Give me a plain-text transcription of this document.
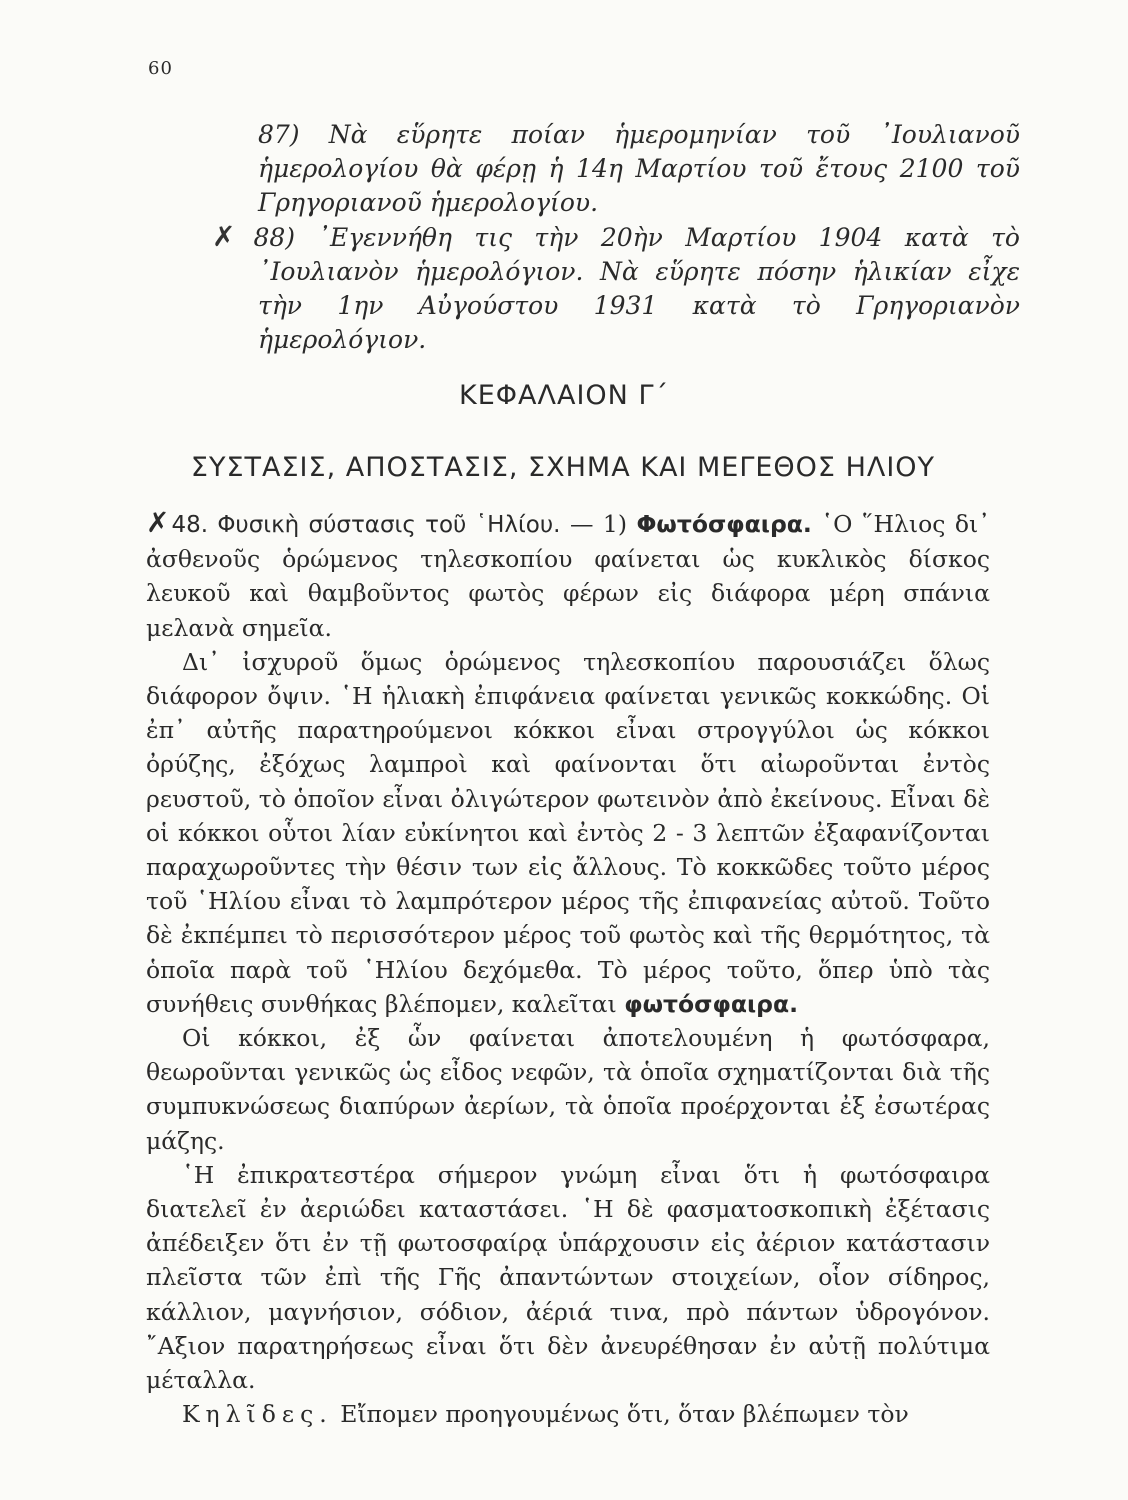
60

87) Νὰ εὕρητε ποίαν ἡμερομηνίαν τοῦ ᾿Ιουλιανοῦ ἡμερολογίου θὰ φέρῃ ἡ 14η Μαρτίου τοῦ ἔτους 2100 τοῦ Γρηγοριανοῦ ἡμερολογίου.

✗ 88) ᾿Εγεννήθη τις τὴν 20ὴν Μαρτίου 1904 κατὰ τὸ ᾿Ιουλιανὸν ἡμερολόγιον. Νὰ εὕρητε πόσην ἡλικίαν εἶχε τὴν 1ην Αὐγούστου 1931 κατὰ τὸ Γρηγοριανὸν ἡμερολόγιον.

ΚΕΦΑΛΑΙΟΝ Γ΄
ΣΥΣΤΑΣΙΣ, ΑΠΟΣΤΑΣΙΣ, ΣΧΗΜΑ ΚΑΙ ΜΕΓΕΘΟΣ ΗΛΙΟΥ

✗48. Φυσικὴ σύστασις τοῦ ῾Ηλίου. — 1) Φωτόσφαιρα. ῾Ο ῞Ηλιος δι᾿ ἀσθενοῦς ὁρώμενος τηλεσκοπίου φαίνεται ὡς κυκλικὸς δίσκος λευκοῦ καὶ θαμβοῦντος φωτὸς φέρων εἰς διάφορα μέρη σπάνια μελανὰ σημεῖα.

Δι᾿ ἰσχυροῦ ὅμως ὁρώμενος τηλεσκοπίου παρουσιάζει ὅλως διάφορον ὄψιν. ῾Η ἡλιακὴ ἐπιφάνεια φαίνεται γενικῶς κοκκώδης. Οἱ ἐπ᾿ αὐτῆς παρατηρούμενοι κόκκοι εἶναι στρογγύλοι ὡς κόκκοι ὀρύζης, ἐξόχως λαμπροὶ καὶ φαίνονται ὅτι αἰωροῦνται ἐντὸς ρευστοῦ, τὸ ὁποῖον εἶναι ὀλιγώτερον φωτεινὸν ἀπὸ ἐκείνους. Εἶναι δὲ οἱ κόκκοι οὗτοι λίαν εὐκίνητοι καὶ ἐντὸς 2 - 3 λεπτῶν ἐξαφανίζονται παραχωροῦντες τὴν θέσιν των εἰς ἄλλους. Τὸ κοκκῶδες τοῦτο μέρος τοῦ ῾Ηλίου εἶναι τὸ λαμπρότερον μέρος τῆς ἐπιφανείας αὐτοῦ. Τοῦτο δὲ ἐκπέμπει τὸ περισσότερον μέρος τοῦ φωτὸς καὶ τῆς θερμότητος, τὰ ὁποῖα παρὰ τοῦ ῾Ηλίου δεχόμεθα. Τὸ μέρος τοῦτο, ὅπερ ὑπὸ τὰς συνήθεις συνθήκας βλέπομεν, καλεῖται φωτόσφαιρα.

Οἱ κόκκοι, ἐξ ὧν φαίνεται ἀποτελουμένη ἡ φωτόσφαρα, θεωροῦνται γενικῶς ὡς εἶδος νεφῶν, τὰ ὁποῖα σχηματίζονται διὰ τῆς συμπυκνώσεως διαπύρων ἀερίων, τὰ ὁποῖα προέρχονται ἐξ ἐσωτέρας μάζης.

῾Η ἐπικρατεστέρα σήμερον γνώμη εἶναι ὅτι ἡ φωτόσφαιρα διατελεῖ ἐν ἀεριώδει καταστάσει. ῾Η δὲ φασματοσκοπικὴ ἐξέτασις ἀπέδειξεν ὅτι ἐν τῇ φωτοσφαίρᾳ ὑπάρχουσιν εἰς ἀέριον κατάστασιν πλεῖστα τῶν ἐπὶ τῆς Γῆς ἀπαντώντων στοιχείων, οἷον σίδηρος, κάλλιον, μαγνήσιον, σόδιον, ἀέριά τινα, πρὸ πάντων ὑδρογόνον. ῎Αξιον παρατηρήσεως εἶναι ὅτι δὲν ἀνευρέθησαν ἐν αὐτῇ πολύτιμα μέταλλα.

Κηλῖδες. Εἴπομεν προηγουμένως ὅτι, ὅταν βλέπωμεν τὸν
